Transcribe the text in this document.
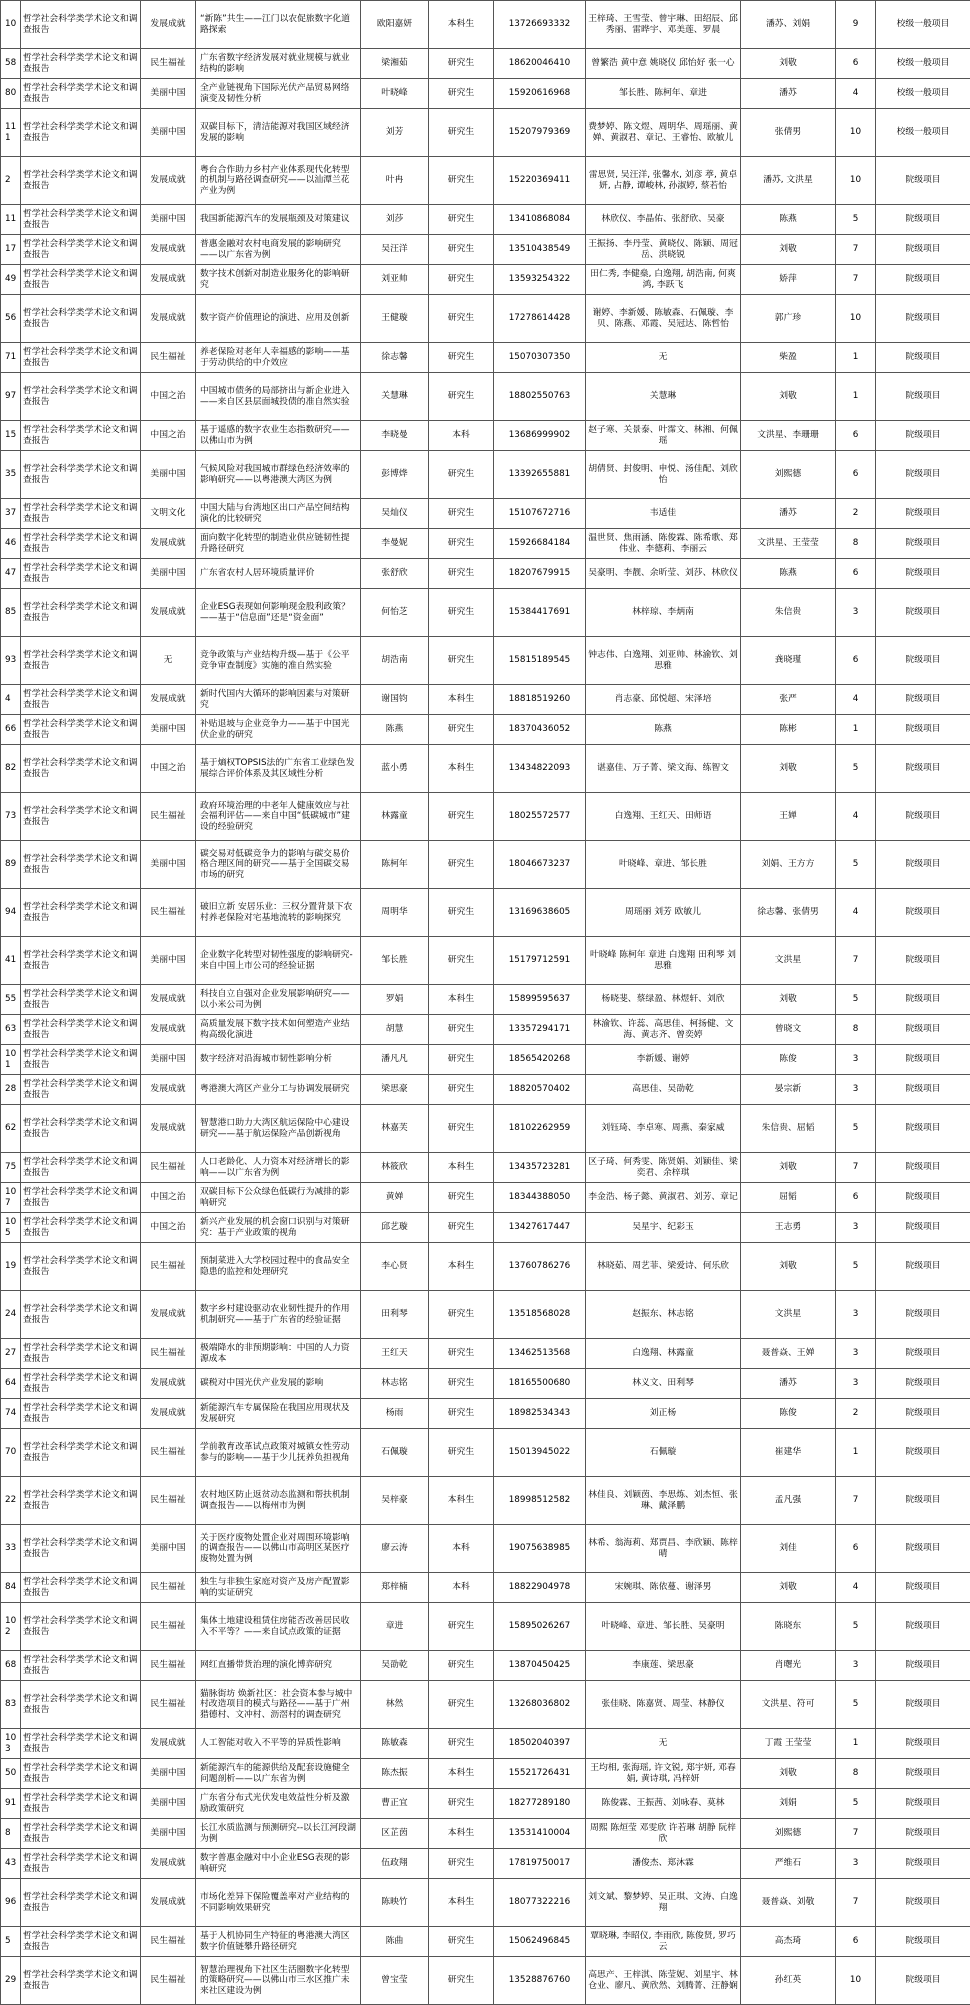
10	哲学社会科学类学术论文和调查报告	发展成就	“新陈”共生——江门以农促旅数字化道路探索	欧阳嘉妍	本科生	13726693332	王梓琦、王雪莹、曾宇琳、田绍辰、邱秀丽、雷晔宇、邓美莲、罗晨	潘苏、刘娟	9	校级一般项目
58	哲学社会科学类学术论文和调查报告	民生福祉	广东省数字经济发展对就业规模与就业结构的影响	梁湘茹	研究生	18620046410	曾繁浩 黄中意 姚晓仪 邱怡好 张一心	刘敬	6	校级一般项目
80	哲学社会科学类学术论文和调查报告	美丽中国	全产业链视角下国际光伏产品贸易网络演变及韧性分析	叶晓峰	研究生	15920616968	邹长胜、陈柯年、章进	潘苏	4	校级一般项目
111	哲学社会科学类学术论文和调查报告	美丽中国	双碳目标下，清洁能源对我国区域经济发展的影响	刘芳	研究生	15207979369	费梦婷、陈文煜、周明华、周瑶丽、黄婵、黄淑君、章记、王睿怡、欧敏儿	张倩男	10	校级一般项目
2	哲学社会科学类学术论文和调查报告	发展成就	粤台合作助力乡村产业体系现代化转型的机制与路径调查研究——以汕潭兰花产业为例	叶冉	研究生	15220369411	雷思贤, 吴汪洋, 张馨水, 刘彦 葶, 黄卓妍, 占静, 谭峻林, 孙淑婷, 蔡若怡	潘苏, 文洪星	10	院级项目
11	哲学社会科学类学术论文和调查报告	美丽中国	我国新能源汽车的发展瓶颈及对策建议	刘莎	研究生	13410868084	林欣仪、李晶佑、张舒欣、吴豪	陈燕	5	院级项目
17	哲学社会科学类学术论文和调查报告	发展成就	普惠金融对农村电商发展的影响研究——以广东省为例	吴汪洋	研究生	13510438549	王振扬、李丹莹、黄晓仪、陈颖、周冠岳、洪晓锐	刘敬	7	院级项目
49	哲学社会科学类学术论文和调查报告	发展成就	数字技术创新对制造业服务化的影响研究	刘亚帅	研究生	13593254322	田仁秀, 李健燊, 白逸翔, 胡浩南, 何爽鸿, 李跃飞	娇萍	7	院级项目
56	哲学社会科学类学术论文和调查报告	发展成就	数字资产价值理论的演进、应用及创新	王健璇	研究生	17278614428	谢婷、李新媛、陈敏森、石佩璇、李贝、陈燕、邓霞、吴冠达、陈哲怡	郭广珍	10	院级项目
71	哲学社会科学类学术论文和调查报告	民生福祉	养老保险对老年人幸福感的影响——基于劳动供给的中介效应	徐志馨	研究生	15070307350	无	柴盈	1	院级项目
97	哲学社会科学类学术论文和调查报告	中国之治	中国城市债务的局部挤出与新企业进入——来自区县层面城投债的准自然实验	关慧琳	研究生	18802550763	关慧琳	刘敬	1	院级项目
15	哲学社会科学类学术论文和调查报告	中国之治	基于遥感的数字农业生态指数研究——以佛山市为例	李晓曼	本科	13686999902	赵子寒、关景泰、叶霈文、林湘、何佩瑶	文洪星、李珊珊	6	院级项目
35	哲学社会科学类学术论文和调查报告	美丽中国	气候风险对我国城市群绿色经济效率的影响研究——以粤港澳大湾区为例	彭博烨	研究生	13392655881	胡倩贤、封俊明、申悦、汤佳配、刘欣怡	刘熙德	6	院级项目
37	哲学社会科学类学术论文和调查报告	文明文化	中国大陆与台湾地区出口产品空间结构演化的比较研究	吴灿仪	研究生	15107672716	韦适佳	潘苏	2	院级项目
46	哲学社会科学类学术论文和调查报告	发展成就	面向数字化转型的制造业供应链韧性提升路径研究	李曼妮	研究生	15926684184	温世贤、焦雨涵、陈俊霖、陈希歌、郑伟业、李德莉、李丽云	文洪星、王莹莹	8	院级项目
47	哲学社会科学类学术论文和调查报告	美丽中国	广东省农村人居环境质量评价	张舒欣	研究生	18207679915	吴豪明、李靓、余昕莹、刘莎、林欣仪	陈燕	6	院级项目
85	哲学社会科学类学术论文和调查报告	发展成就	企业ESG表现如何影响现金股利政策？——基于“信息面”还是“资金面”	何怡芝	研究生	15384417691	林梓琼、李炳南	朱信贵	3	院级项目
93	哲学社会科学类学术论文和调查报告	无	竞争政策与产业结构升级—基于《公平竞争审查制度》实施的准自然实验	胡浩南	研究生	15815189545	钟志伟、白逸翔、刘亚帅、林渝钦、刘思雅	龚晓瑾	6	院级项目
4	哲学社会科学类学术论文和调查报告	发展成就	新时代国内大循环的影响因素与对策研究	谢国钧	本科生	18818519260	肖志豪、邱悦超、宋泽培	张严	4	院级项目
66	哲学社会科学类学术论文和调查报告	美丽中国	补贴退坡与企业竞争力——基于中国光伏企业的研究	陈燕	研究生	18370436052	陈燕	陈彬	1	院级项目
82	哲学社会科学类学术论文和调查报告	中国之治	基于熵权TOPSIS法的广东省工业绿色发展综合评价体系及其区域性分析	蓝小勇	本科生	13434822093	谌嘉佳、万子菁、梁文海、练智文	刘敬	5	院级项目
73	哲学社会科学类学术论文和调查报告	民生福祉	政府环境治理的中老年人健康效应与社会福利评估——来自中国“低碳城市”建设的经验研究	林露童	研究生	18025572577	白逸翔、王红天、田师语	王婵	4	院级项目
89	哲学社会科学类学术论文和调查报告	美丽中国	碳交易对低碳竞争力的影响与碳交易价格合理区间的研究——基于全国碳交易市场的研究	陈柯年	研究生	18046673237	叶晓峰、章进、邹长胜	刘娟、王方方	5	院级项目
94	哲学社会科学类学术论文和调查报告	民生福祉	破旧立新 安居乐业：三权分置背景下农村养老保险对宅基地流转的影响探究	周明华	研究生	13169638605	周瑶丽 刘芳 欧敏儿	徐志馨、张倩男	4	院级项目
41	哲学社会科学类学术论文和调查报告	美丽中国	企业数字化转型对韧性强度的影响研究-来自中国上市公司的经验证据	邹长胜	研究生	15179712591	叶晓峰 陈柯年 章进 白逸翔 田利琴 刘思雅	文洪星	7	院级项目
55	哲学社会科学类学术论文和调查报告	发展成就	科技自立自强对企业发展影响研究——以小米公司为例	罗娟	本科生	15899595637	杨晓斐、蔡绿盈、林煜轩、刘欣	刘敬	5	院级项目
63	哲学社会科学类学术论文和调查报告	发展成就	高质量发展下数字技术如何塑造产业结构高级化演进	胡慧	研究生	13357294171	林渝钦、许蕊、高思佳、柯扬健、文海、黄志齐、曾奕婷	曾晓文	8	院级项目
101	哲学社会科学类学术论文和调查报告	美丽中国	数字经济对沿海城市韧性影响分析	潘凡凡	研究生	18565420268	李新媛、谢婷	陈俊	3	院级项目
28	哲学社会科学类学术论文和调查报告	发展成就	粤港澳大湾区产业分工与协调发展研究	梁思豪	研究生	18820570402	高思佳、吴劭乾	晏宗新	3	院级项目
62	哲学社会科学类学术论文和调查报告	发展成就	智慧港口助力大湾区航运保险中心建设研究——基于航运保险产品创新视角	林嘉芙	研究生	18102262959	刘钰琦、李卓寒、周燕、秦家威	朱信贵、屈韬	5	院级项目
75	哲学社会科学类学术论文和调查报告	民生福祉	人口老龄化、人力资本对经济增长的影响——以广东省为例	林筱欣	本科生	13435723281	区子琦、何秀雯、陈贤娟、刘颖佳、梁奕君、余梓琪	刘敬	7	院级项目
107	哲学社会科学类学术论文和调查报告	中国之治	双碳目标下公众绿色低碳行为减排的影响研究	黄婵	研究生	18344388050	李金浩、杨子懿、黄淑君、刘芳、章记	屈韬	6	院级项目
105	哲学社会科学类学术论文和调查报告	中国之治	新兴产业发展的机会窗口识别与对策研究：基于产业政策的视角	邱艺璇	研究生	13427617447	吴星宇、纪彩玉	王志勇	3	院级项目
19	哲学社会科学类学术论文和调查报告	民生福祉	预制菜进入大学校园过程中的食品安全隐患的监控和处理研究	李心贤	本科生	13760786276	林晓茹、周艺菲、梁爱诗、何乐欣	刘敬	5	院级项目
24	哲学社会科学类学术论文和调查报告	发展成就	数字乡村建设驱动农业韧性提升的作用机制研究——基于广东省的经验证据	田利琴	研究生	13518568028	赵振东、林志铭	文洪星	3	院级项目
27	哲学社会科学类学术论文和调查报告	民生福祉	极端降水的非预期影响：中国的人力资源成本	王红天	研究生	13462513568	白逸翔、林露童	聂普焱、王婵	3	院级项目
64	哲学社会科学类学术论文和调查报告	发展成就	碳税对中国光伏产业发展的影响	林志铭	研究生	18165500680	林义文、田利琴	潘苏	3	院级项目
74	哲学社会科学类学术论文和调查报告	发展成就	新能源汽车专属保险在我国应用现状及发展研究	杨雨	研究生	18982534343	刘正杨	陈俊	2	院级项目
70	哲学社会科学类学术论文和调查报告	民生福祉	学前教育改革试点政策对城镇女性劳动参与的影响——基于少儿抚养负担视角	石佩璇	研究生	15013945022	石佩璇	崔建华	1	院级项目
22	哲学社会科学类学术论文和调查报告	民生福祉	农村地区防止返贫动态监测和帮扶机制调查报告——以梅州市为例	吴梓豪	本科生	18998512582	林佳良、刘颖茵、李思炼、刘杰恒、张琳、戴泽鹏	孟凡强	7	院级项目
33	哲学社会科学类学术论文和调查报告	美丽中国	关于医疗废物处置企业对周围环境影响的调查报告——以佛山市高明区某医疗废物处置为例	廖云涛	本科	19075638985	林希、翁海莉、郑贾昌、李欣颖、陈梓晴	刘佳	6	院级项目
84	哲学社会科学类学术论文和调查报告	民生福祉	独生与非独生家庭对资产及房产配置影响的实证研究	郑梓楠	本科	18822904978	宋婉琪、陈依蔓、谢泽男	刘敬	4	院级项目
102	哲学社会科学类学术论文和调查报告	民生福祉	集体土地建设租赁住房能否改善居民收入不平等？——来自试点政策的证据	章进	研究生	15895026267	叶晓峰、章进、邹长胜、吴豪明	陈晓东	5	院级项目
68	哲学社会科学类学术论文和调查报告	民生福祉	网红直播带货治理的演化博弈研究	吴劭乾	研究生	13870450425	李康莲、梁思豪	肖曙光	3	院级项目
83	哲学社会科学类学术论文和调查报告	民生福祉	猫脉街坊 焕新社区：社会资本参与城中村改造项目的模式与路径——基于广州猎德村、文冲村、沥滘村的调查研究	林然	研究生	13268036802	张佳晓、陈嘉贤、周莹、林静仪	文洪星、符可	5	院级项目
103	哲学社会科学类学术论文和调查报告	发展成就	人工智能对收入不平等的异质性影响	陈敏森	研究生	18502040397	无	丁霞 王莹莹	1	院级项目
50	哲学社会科学类学术论文和调查报告	美丽中国	新能源汽车的能源供给及配套设施健全问题剖析——以广东省为例	陈杰振	本科生	15521726431	王均相, 张海瑶, 许文锐, 郑宇妍, 邓春娟, 黄诗琪, 冯梓妍	刘敬	8	院级项目
91	哲学社会科学类学术论文和调查报告	美丽中国	广东省分布式光伏发电效益性分析及激励政策研究	曹正宜	研究生	18277289180	陈俊霖、王振茜、刘咏春、莫林	刘娟	5	院级项目
8	哲学社会科学类学术论文和调查报告	美丽中国	长江水质监测与预测研究--以长江河段湖为例	区芷茵	本科生	13531410004	周熙 陈烜莹 邓雯欣 许若琳 胡静 阮梓欣	刘熙德	7	院级项目
43	哲学社会科学类学术论文和调查报告	发展成就	数字普惠金融对中小企业ESG表现的影响研究	伍政翔	研究生	17819750017	潘俊杰、郑沐霖	严维石	3	院级项目
96	哲学社会科学类学术论文和调查报告	发展成就	市场化差异下保险覆盖率对产业结构的不同影响效果研究	陈映竹	本科生	18077322216	刘文斌、黎梦婷、吴正琪、文涛、白逸翔	聂普焱、刘敬	7	院级项目
5	哲学社会科学类学术论文和调查报告	民生福祉	基于人机协同生产特征的粤港澳大湾区数字价值链攀升路径研究	陈曲	研究生	15062496845	覃晓琳, 李昭仪, 李雨欣, 陈俊贤, 罗巧云	高杰琦	6	院级项目
29	哲学社会科学类学术论文和调查报告	民生福祉	智慧治理视角下社区生活圈数字化转型的策略研究——以佛山市三水区推广未来社区建设为例	曾宝莹	研究生	13528876760	高思产、王梓淇、陈莹妮、刘星宇、林仓业、廖凡、黄欣然、刘腾菁、汪静娴	孙红英	10	院级项目
